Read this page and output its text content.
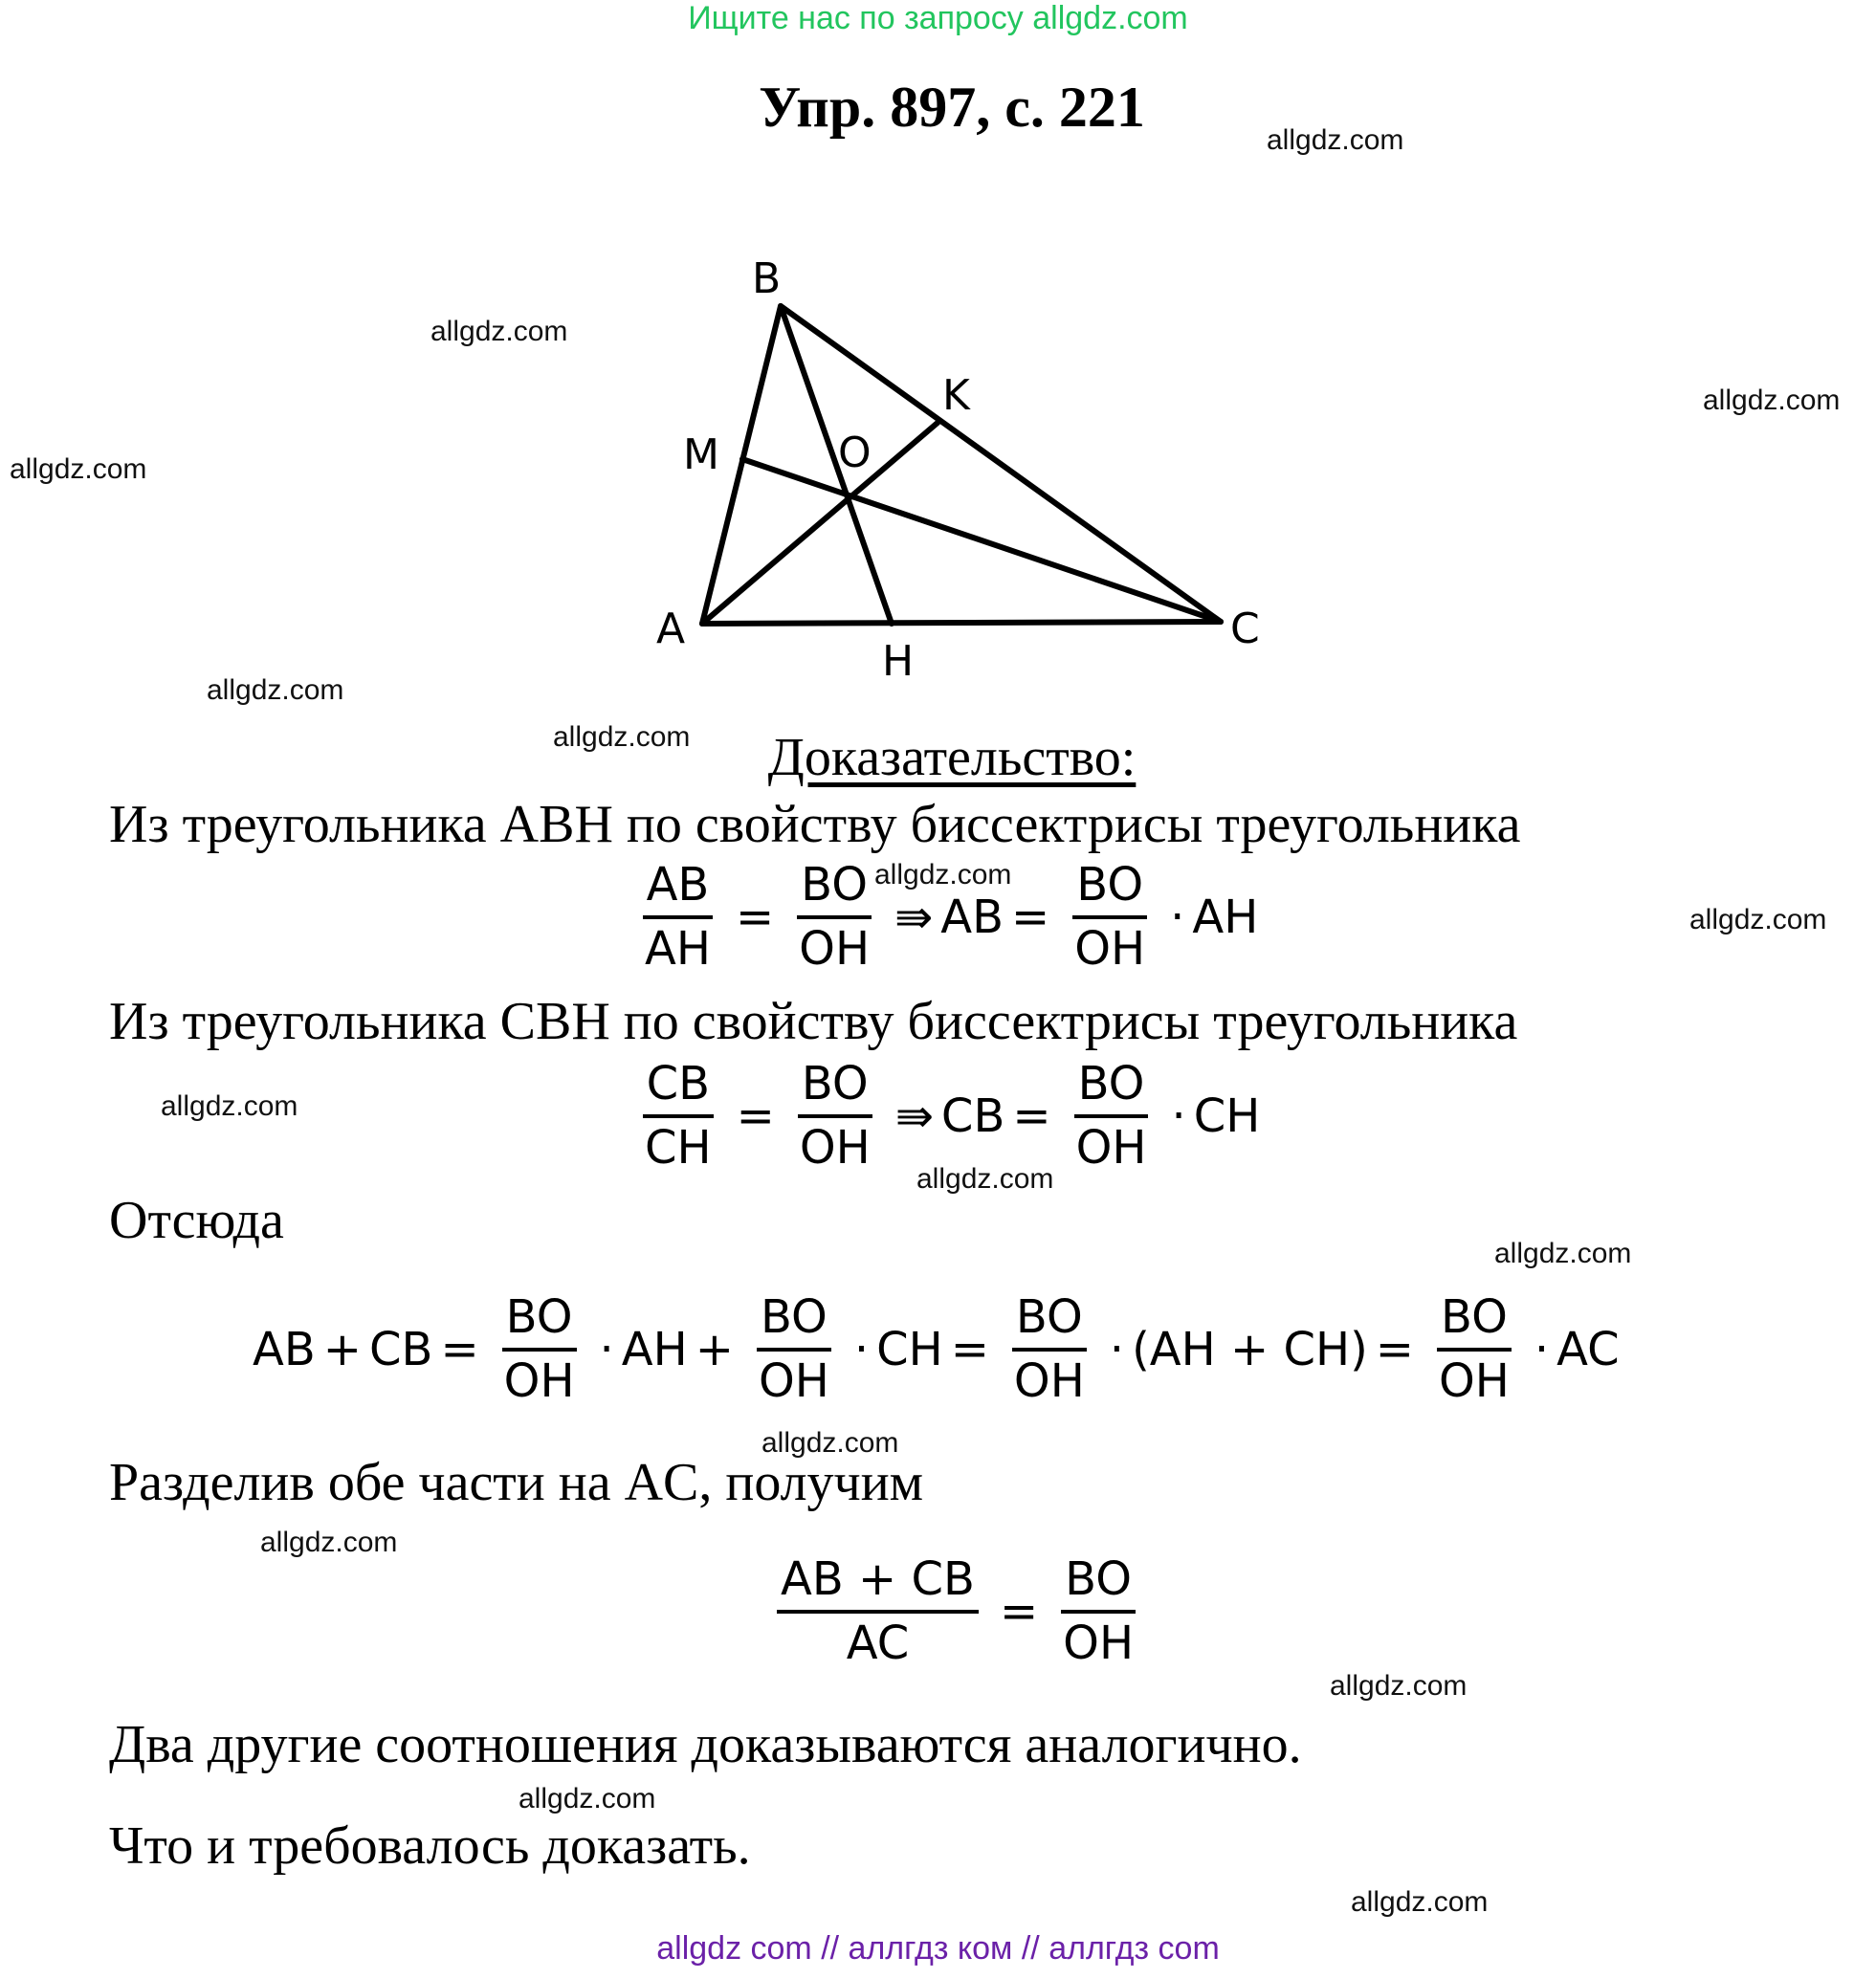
Ищите нас по запросу allgdz.com
Упр. 897, с. 221
allgdz.com
allgdz.com
allgdz.com
allgdz.com
allgdz.com
allgdz.com
allgdz.com
allgdz.com
allgdz.com
allgdz.com
allgdz.com
allgdz.com
allgdz.com
allgdz.com
allgdz.com
allgdz.com
B
K
M	O
A
H
C
Доказательство:
Из треугольника ABH по свойству биссектрисы треугольника
$\frac{AB}{AH} = \frac{BO}{OH}$ ⇛ AB = $\frac{BO}{OH}$ · AH
Из треугольника CBH по свойству биссектрисы треугольника
$\frac{CB}{CH} = \frac{BO}{OH}$ ⇛ CB = $\frac{BO}{OH}$ · CH
Отсюда
AB + CB = $\frac{BO}{OH}$ · AH + $\frac{BO}{OH}$ · CH = $\frac{BO}{OH} \cdot (AH + CH) = \frac{BO}{OH}$ · AC
Разделив обе части на AC, получим
$\frac{AB + CB}{AC} = \frac{BO}{OH}$
Два другие соотношения доказываются аналогично.
Что и требовалось доказать.
allgdz com // аллгдз ком // аллгдз com
